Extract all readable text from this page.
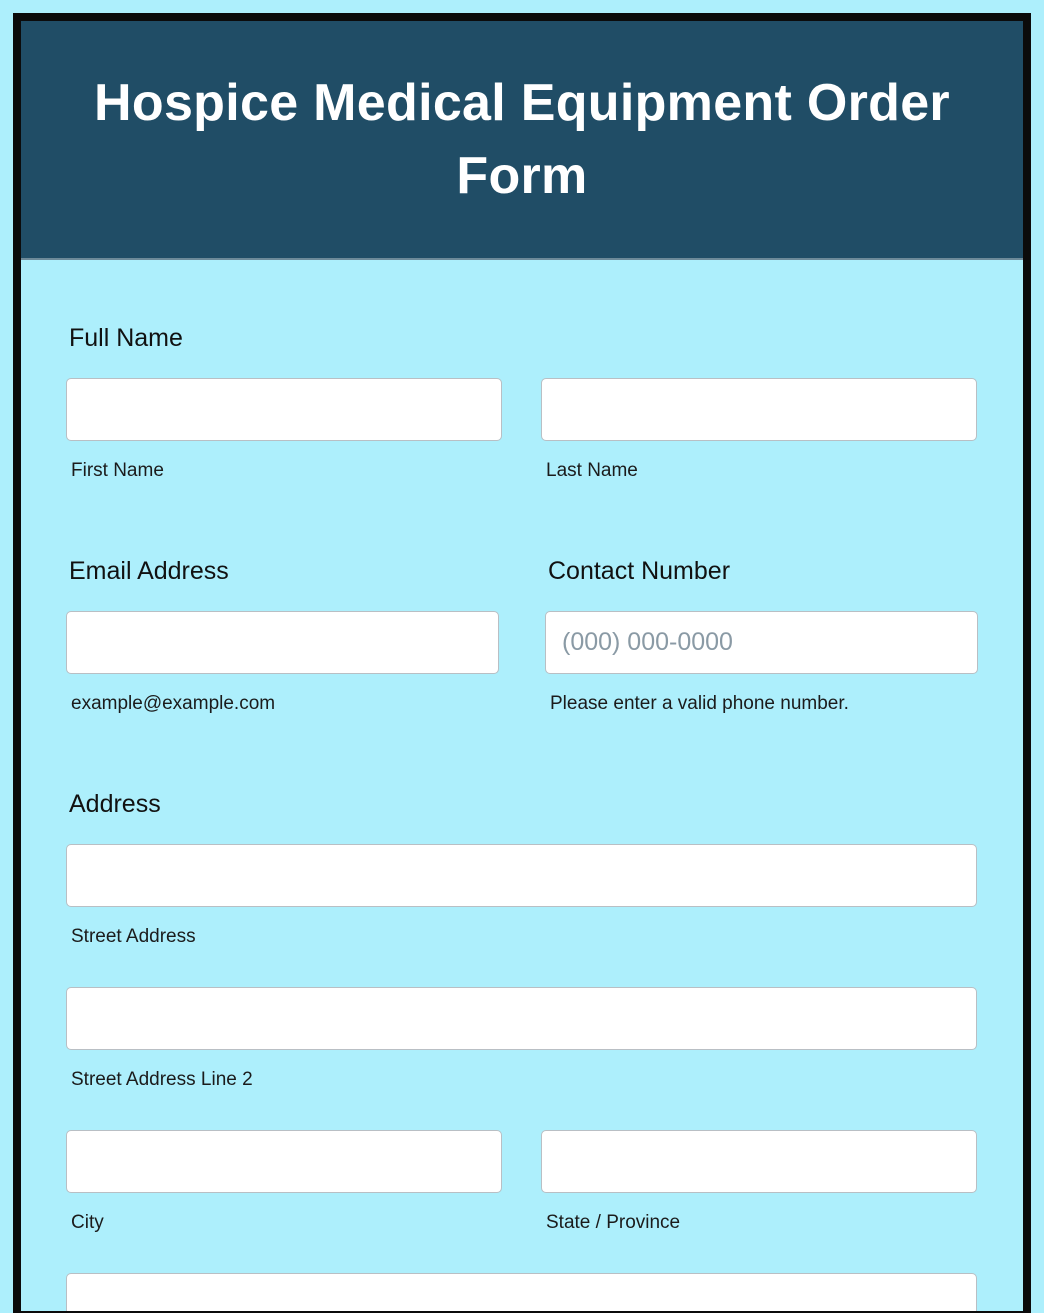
Hospice Medical Equipment Order Form
Full Name
First Name	Last Name
Email Address
example@example.com
Contact Number
(000) 000-0000
Please enter a valid phone number.
Address
Street Address
Street Address Line 2
City	State / Province
